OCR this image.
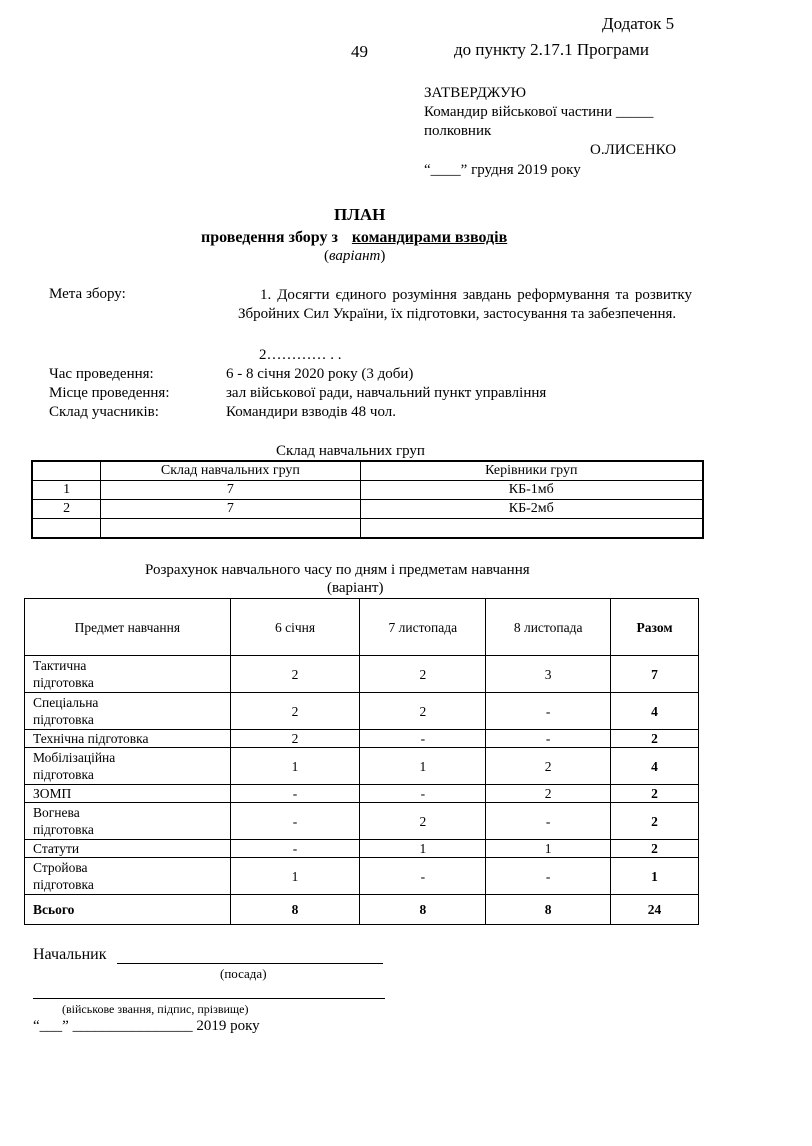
Додаток 5
49	до пункту 2.17.1 Програми
ЗАТВЕРДЖУЮ
Командир військової частини _____
полковник
О.ЛИСЕНКО
“____” грудня 2019 року
ПЛАН
проведення збору з командирами взводів
(варіант)
Мета збору:	1. Досягти єдиного розуміння завдань реформування та розвитку Збройних Сил України, їх підготовки, застосування та забезпечення.
2………… . .
Час проведення:	6 - 8 січня 2020 року (3 доби)
Місце проведення:	зал військової ради, навчальний пункт управління
Склад учасників:	Командири взводів 48 чол.
Склад навчальних груп
	Склад навчальних груп	Керівники груп
1	7	КБ-1мб
2	7	КБ-2мб

Розрахунок навчального часу по дням і предметам навчання
(варіант)
Предмет навчання	6 січня	7 листопада	8 листопада	Разом
Тактична
підготовка	2	2	3	7
Спеціальна
підготовка	2	2	-	4
Технічна підготовка	2	-	-	2
Мобілізаційна
підготовка	1	1	2	4
ЗОМП	-	-	2	2
Вогнева
підготовка	-	2	-	2
Статути	-	1	1	2
Стройова
підготовка	1	-	-	1
Всього	8	8	8	24
Начальник
(посада)
(військове звання, підпис, прізвище)
“___” ________________ 2019 року
